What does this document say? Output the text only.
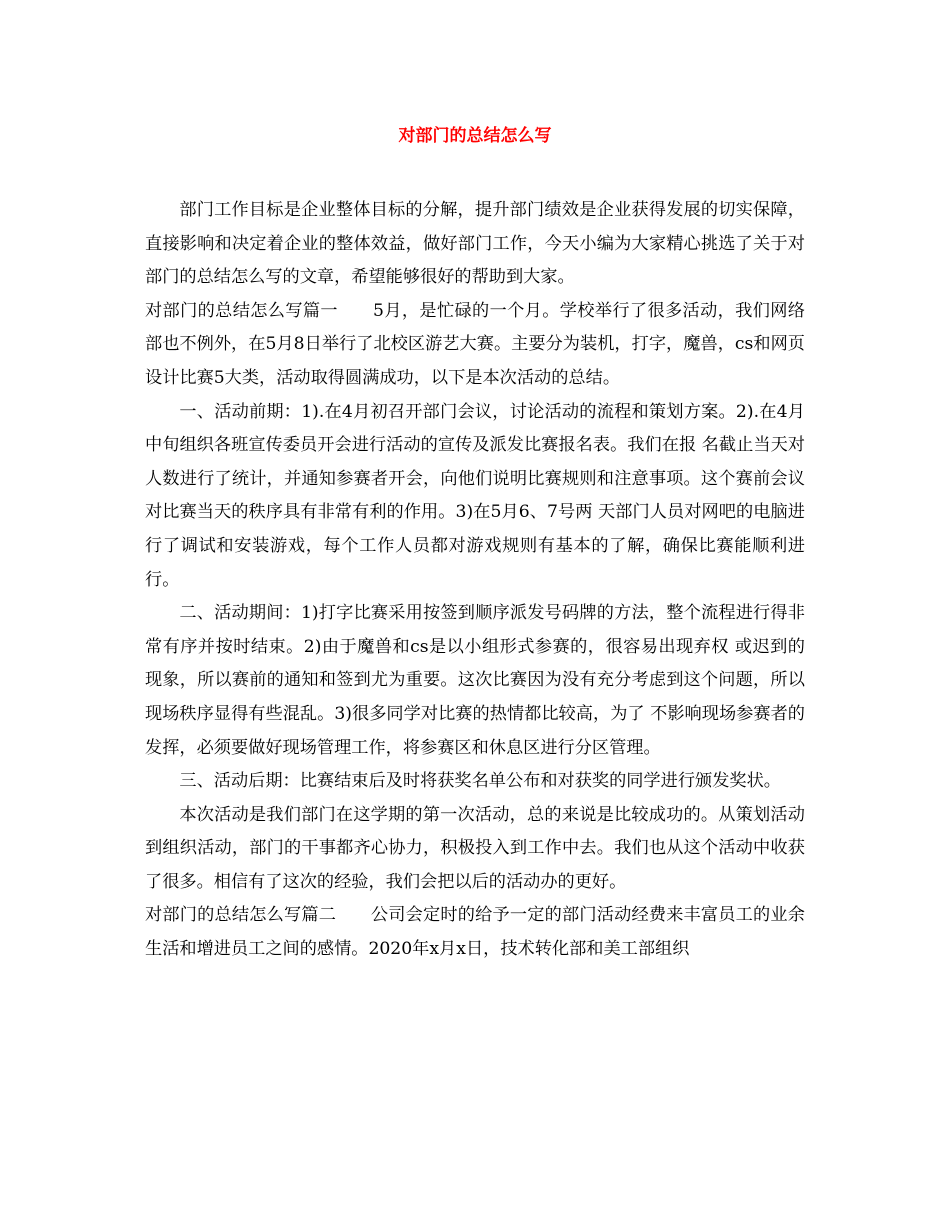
对部门的总结怎么写

部门工作目标是企业整体目标的分解，提升部门绩效是企业获得发展的切实保障，直接影响和决定着企业的整体效益，做好部门工作，今天小编为大家精心挑选了关于对部门的总结怎么写的文章，希望能够很好的帮助到大家。

对部门的总结怎么写篇一　　5月，是忙碌的一个月。学校举行了很多活动，我们网络部也不例外，在5月8日举行了北校区游艺大赛。主要分为装机，打字，魔兽，cs和网页设计比赛5大类，活动取得圆满成功，以下是本次活动的总结。

一、活动前期：1).在4月初召开部门会议，讨论活动的流程和策划方案。2).在4月中旬组织各班宣传委员开会进行活动的宣传及派发比赛报名表。我们在报 名截止当天对人数进行了统计，并通知参赛者开会，向他们说明比赛规则和注意事项。这个赛前会议对比赛当天的秩序具有非常有利的作用。3)在5月6、7号两 天部门人员对网吧的电脑进行了调试和安装游戏，每个工作人员都对游戏规则有基本的了解，确保比赛能顺利进行。

二、活动期间：1)打字比赛采用按签到顺序派发号码牌的方法，整个流程进行得非常有序并按时结束。2)由于魔兽和cs是以小组形式参赛的，很容易出现弃权 或迟到的现象，所以赛前的通知和签到尤为重要。这次比赛因为没有充分考虑到这个问题，所以现场秩序显得有些混乱。3)很多同学对比赛的热情都比较高，为了 不影响现场参赛者的发挥，必须要做好现场管理工作，将参赛区和休息区进行分区管理。

三、活动后期：比赛结束后及时将获奖名单公布和对获奖的同学进行颁发奖状。

本次活动是我们部门在这学期的第一次活动，总的来说是比较成功的。从策划活动到组织活动，部门的干事都齐心协力，积极投入到工作中去。我们也从这个活动中收获了很多。相信有了这次的经验，我们会把以后的活动办的更好。

对部门的总结怎么写篇二　　公司会定时的给予一定的部门活动经费来丰富员工的业余生活和增进员工之间的感情。2020年x月x日，技术转化部和美工部组织
